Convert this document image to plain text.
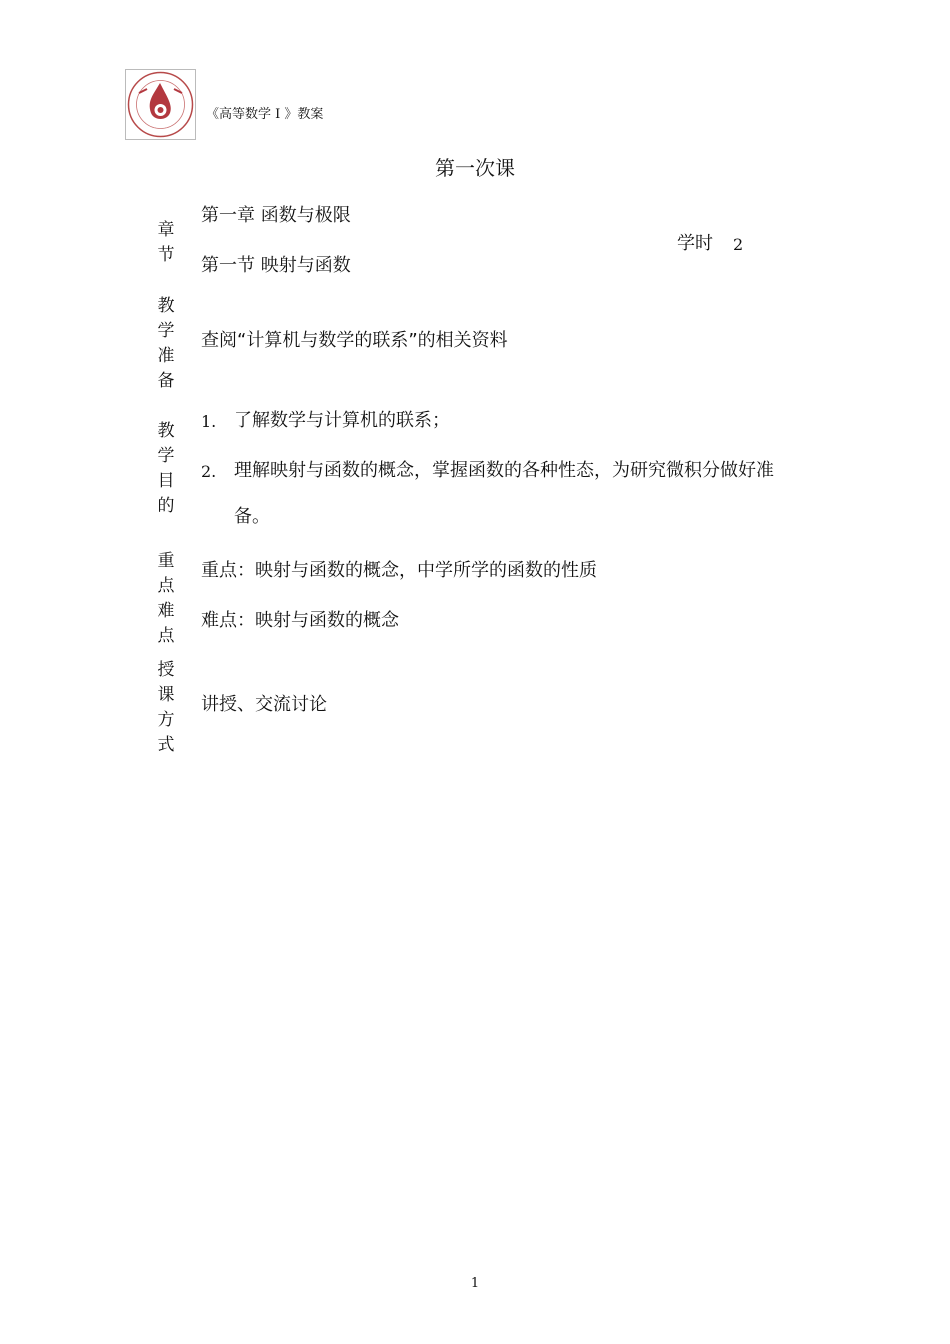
《高等数学 I 》教案
第一次课
章
节
第一章 函数与极限
第一节 映射与函数
学时 2
教
学
准
备
查阅“计算机与数学的联系”的相关资料
教
学
目
的
1. 了解数学与计算机的联系；
2. 理解映射与函数的概念，掌握函数的各种性态，为研究微积分做好准
备。
重
点
难
点
重点：映射与函数的概念，中学所学的函数的性质
难点：映射与函数的概念
授
课
方
式
讲授、交流讨论
1
